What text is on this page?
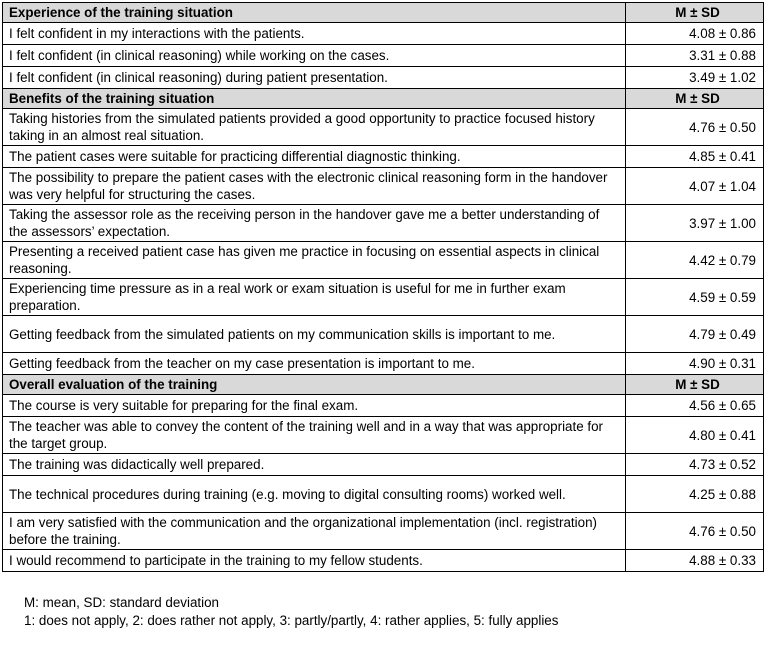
Experience of the training situation	M ± SD
I felt confident in my interactions with the patients.	4.08 ± 0.86
I felt confident (in clinical reasoning) while working on the cases.	3.31 ± 0.88
I felt confident (in clinical reasoning) during patient presentation.	3.49 ± 1.02
Benefits of the training situation	M ± SD
Taking histories from the simulated patients provided a good opportunity to practice focused history taking in an almost real situation.	4.76 ± 0.50
The patient cases were suitable for practicing differential diagnostic thinking.	4.85 ± 0.41
The possibility to prepare the patient cases with the electronic clinical reasoning form in the handover was very helpful for structuring the cases.	4.07 ± 1.04
Taking the assessor role as the receiving person in the handover gave me a better understanding of the assessors’ expectation.	3.97 ± 1.00
Presenting a received patient case has given me practice in focusing on essential aspects in clinical reasoning.	4.42 ± 0.79
Experiencing time pressure as in a real work or exam situation is useful for me in further exam preparation.	4.59 ± 0.59
Getting feedback from the simulated patients on my communication skills is important to me.	4.79 ± 0.49
Getting feedback from the teacher on my case presentation is important to me.	4.90 ± 0.31
Overall evaluation of the training	M ± SD
The course is very suitable for preparing for the final exam.	4.56 ± 0.65
The teacher was able to convey the content of the training well and in a way that was appropriate for the target group.	4.80 ± 0.41
The training was didactically well prepared.	4.73 ± 0.52
The technical procedures during training (e.g. moving to digital consulting rooms) worked well.	4.25 ± 0.88
I am very satisfied with the communication and the organizational implementation (incl. registration) before the training.	4.76 ± 0.50
I would recommend to participate in the training to my fellow students.	4.88 ± 0.33
M: mean, SD: standard deviation
1: does not apply, 2: does rather not apply, 3: partly/partly, 4: rather applies, 5: fully applies
